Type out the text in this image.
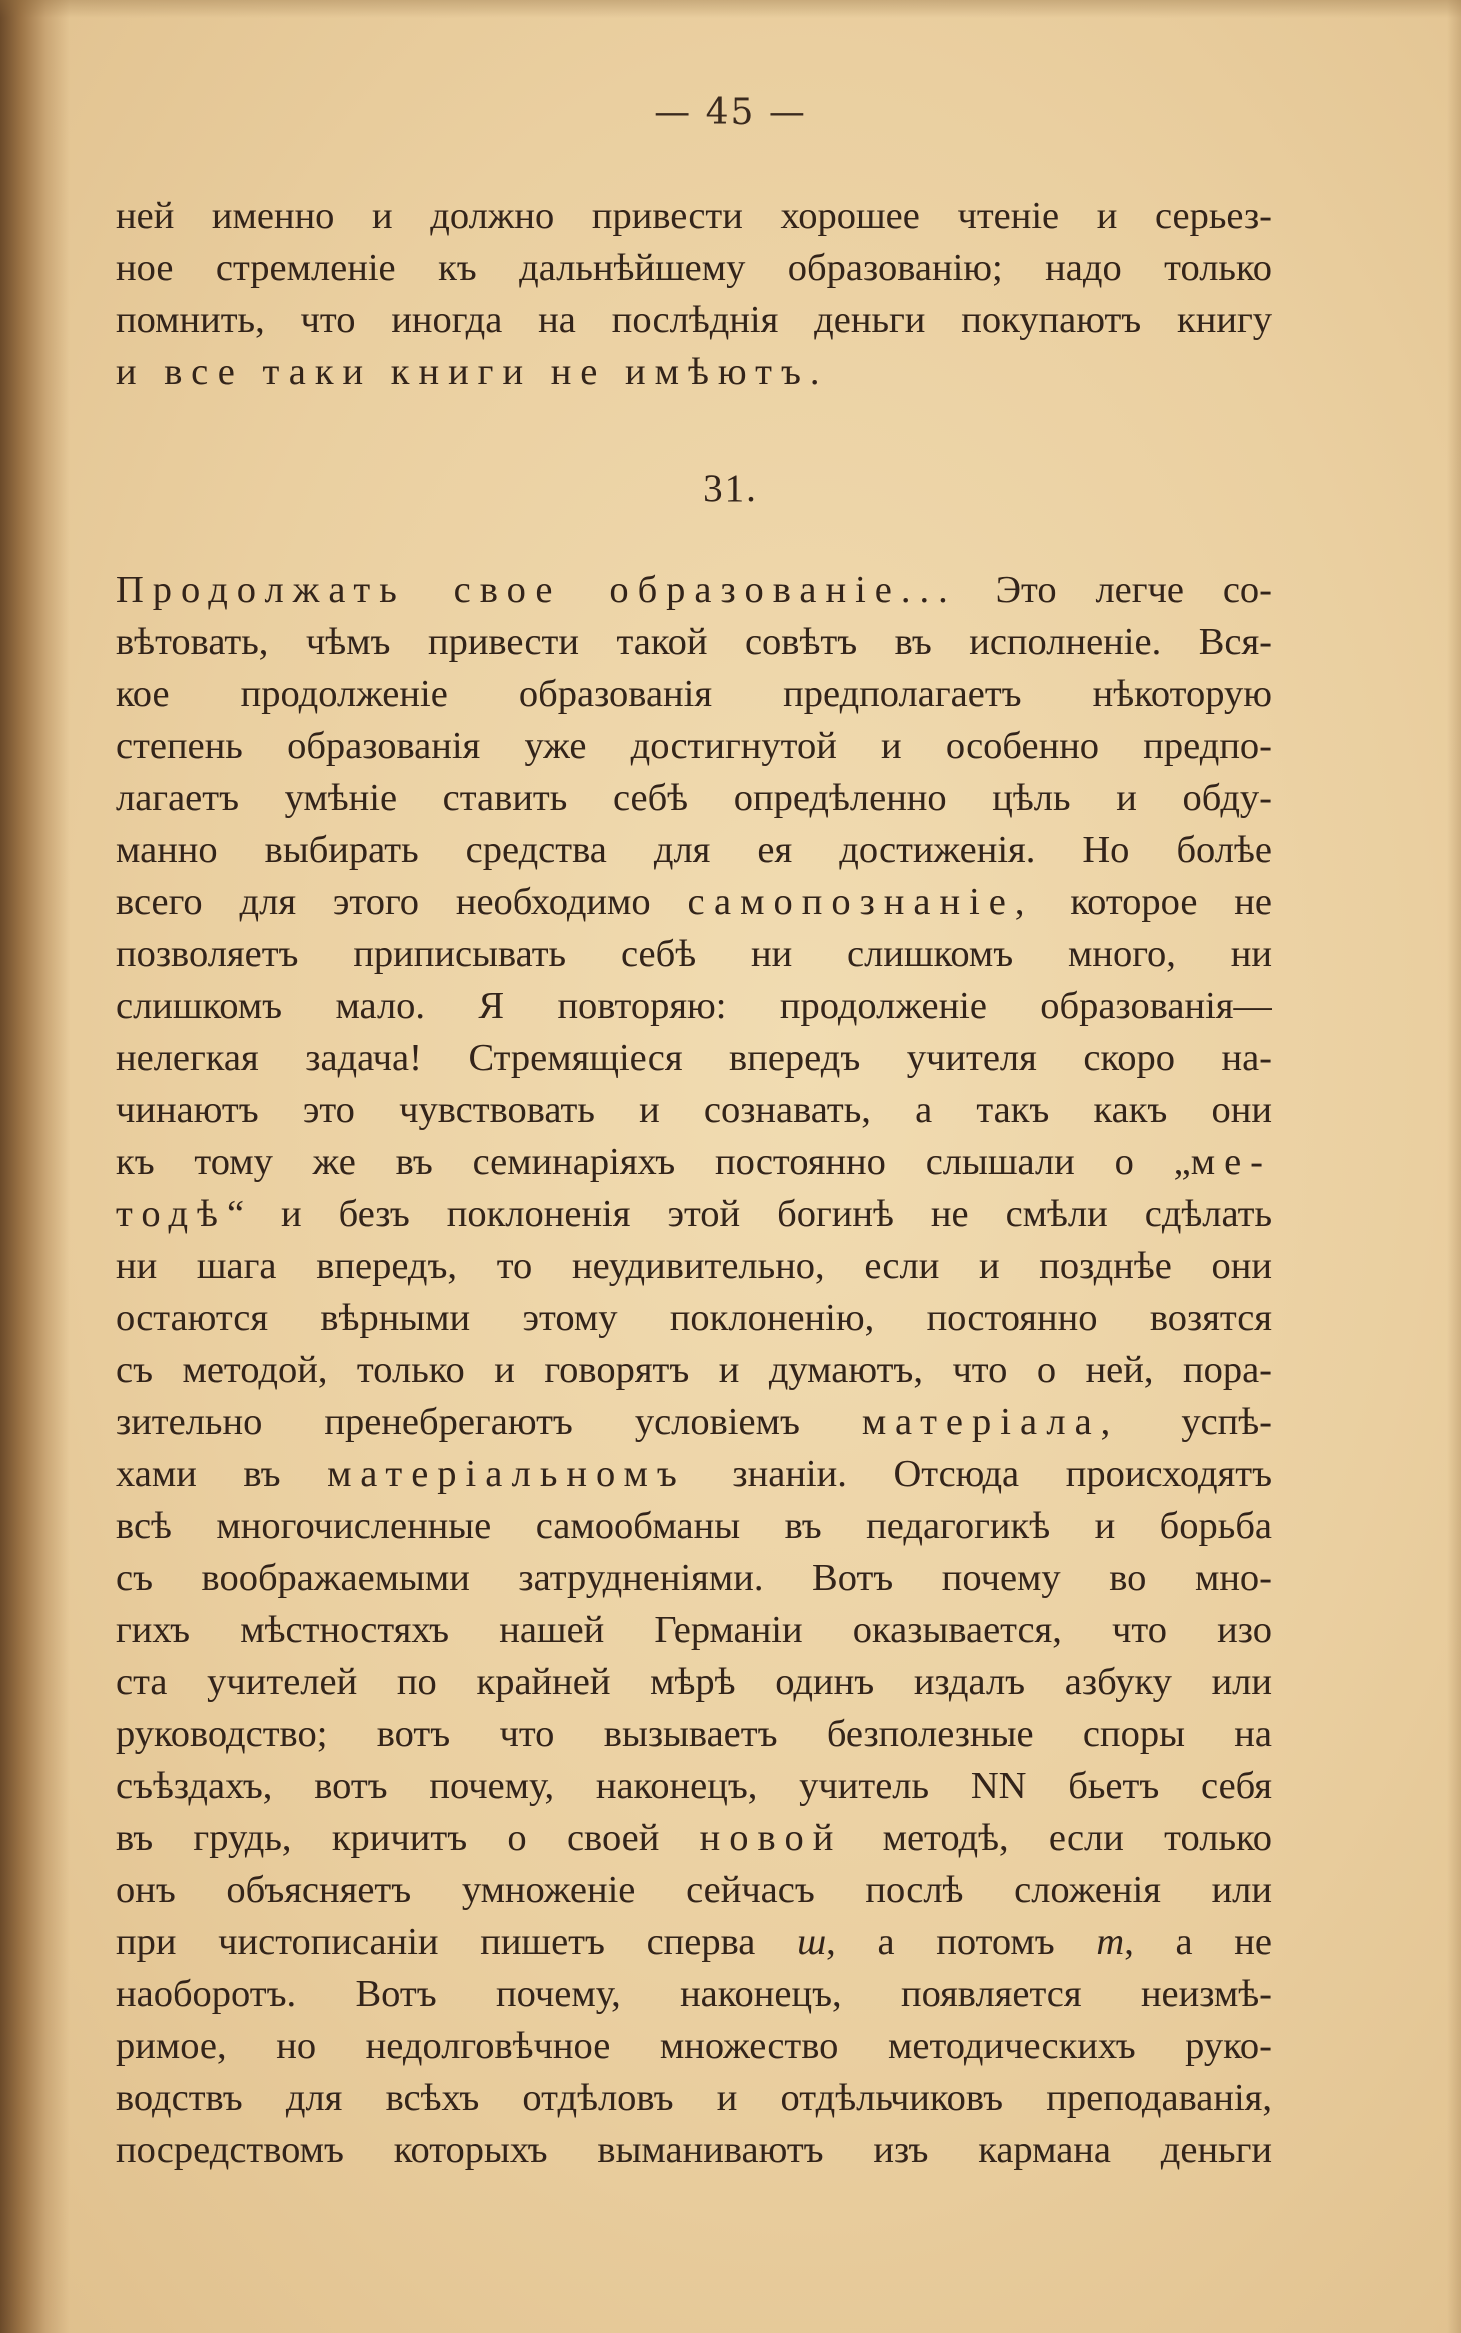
— 45 —
ней именно и должно привести хорошее чтеніе и серьез-
ное стремленіе къ дальнѣйшему образованію; надо только
помнить, что иногда на послѣднія деньги покупаютъ книгу
и все таки книги не имѣютъ.
31.
Продолжать свое образованіе... Это легче со-
вѣтовать, чѣмъ привести такой совѣтъ въ исполненіе. Вся-
кое продолженіе образованія предполагаетъ нѣкоторую
степень образованія уже достигнутой и особенно предпо-
лагаетъ умѣніе ставить себѣ опредѣленно цѣль и обду-
манно выбирать средства для ея достиженія. Но болѣе
всего для этого необходимо самопознаніе, которое не
позволяетъ приписывать себѣ ни слишкомъ много, ни
слишкомъ мало. Я повторяю: продолженіе образованія—
нелегкая задача! Стремящіеся впередъ учителя скоро на-
чинаютъ это чувствовать и сознавать, а такъ какъ они
къ тому же въ семинаріяхъ постоянно слышали о „ме-
тодѣ“ и безъ поклоненія этой богинѣ не смѣли сдѣлать
ни шага впередъ, то неудивительно, если и позднѣе они
остаются вѣрными этому поклоненію, постоянно возятся
съ методой, только и говорятъ и думаютъ, что о ней, пора-
зительно пренебрегаютъ условіемъ матеріала, успѣ-
хами въ матеріальномъ знаніи. Отсюда происходятъ
всѣ многочисленные самообманы въ педагогикѣ и борьба
съ воображаемыми затрудненіями. Вотъ почему во мно-
гихъ мѣстностяхъ нашей Германіи оказывается, что изо
ста учителей по крайней мѣрѣ одинъ издалъ азбуку или
руководство; вотъ что вызываетъ безполезные споры на
съѣздахъ, вотъ почему, наконецъ, учитель NN бьетъ себя
въ грудь, кричитъ о своей новой методѣ, если только
онъ объясняетъ умноженіе сейчасъ послѣ сложенія или
при чистописаніи пишетъ сперва ш, а потомъ т, а не
наоборотъ. Вотъ почему, наконецъ, появляется неизмѣ-
римое, но недолговѣчное множество методическихъ руко-
водствъ для всѣхъ отдѣловъ и отдѣльчиковъ преподаванія,
посредствомъ которыхъ выманиваютъ изъ кармана деньги
